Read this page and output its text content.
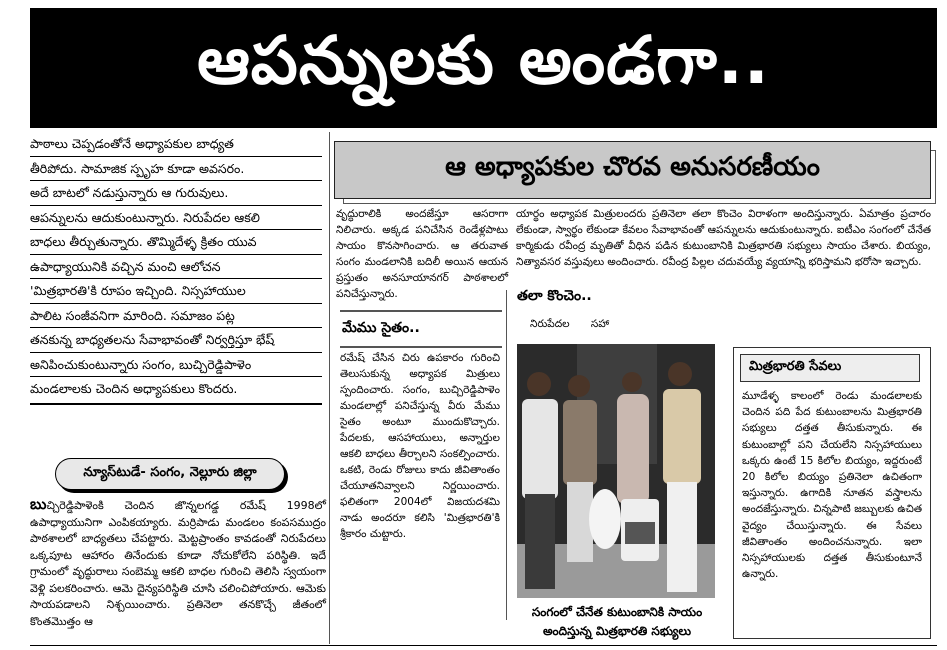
ఆపన్నులకు అండగా..
పాఠాలు చెప్పడంతోనే అధ్యాపకుల బాధ్యత
తీరిపోదు. సామాజిక స్పృహ కూడా అవసరం.
అదే బాటలో నడుస్తున్నారు ఆ గురువులు.
ఆపన్నులను ఆదుకుంటున్నారు. నిరుపేదల ఆకలి
బాధలు తీర్చుతున్నారు. తొమ్మిదేళ్ళ క్రితం యువ
ఉపాధ్యాయునికి వచ్చిన మంచి ఆలోచన
'మిత్రభారతి'కి రూపం ఇచ్చింది. నిస్సహాయుల
పాలిట సంజీవనిగా మారింది. సమాజం పట్ల
తనకున్న బాధ్యతలను సేవాభావంతో నిర్వర్తిస్తూ భేష్
అనిపించుకుంటున్నారు సంగం, బుచ్చిరెడ్డిపాళెం
మండలాలకు చెందిన అధ్యాపకులు కొందరు.
న్యూస్‌టుడే- సంగం, నెల్లూరు జిల్లా
బుచ్చిరెడ్డిపాళెంకి చెందిన జొన్నలగడ్డ రమేష్ 1998లో ఉపాధ్యాయునిగా ఎంపికయ్యారు. మర్రిపాడు మండలం కంపసముద్రం పాఠశాలలో బాధ్యతలు చేపట్టారు. మెట్టప్రాంతం కావడంతో నిరుపేదలు ఒక్కపూట ఆహారం తినేందుకు కూడా నోచుకోలేని పరిస్థితి. ఇదే గ్రామంలో వృద్ధురాలు సంబెమ్మ ఆకలి బాధల గురించి తెలిసి స్వయంగా వెళ్లి పలకరించారు. ఆమె దైన్యపరిస్థితి చూసి చలించిపోయారు. ఆమెకు సాయపడాలని నిశ్చయించారు. ప్రతినెలా తనకొచ్చే జీతంలో కొంతమొత్తం ఆ
ఆ అధ్యాపకుల చొరవ అనుసరణీయం

వృద్ధురాలికి అందజేస్తూ ఆసరాగా నిలిచారు. అక్కడ పనిచేసిన రెండేళ్లపాటు సాయం కొనసాగించారు. ఆ తరువాత సంగం మండలానికి బదిలీ అయిన ఆయన ప్రస్తుతం అనసూయానగర్ పాఠశాలలో పనిచేస్తున్నారు.

యార్థం అధ్యాపక మిత్రులందరు ప్రతినెలా తలా కొంచెం విరాళంగా అందిస్తున్నారు. ఏమాత్రం ప్రచారం లేకుండా, స్వార్థం లేకుండా కేవలం సేవాభావంతో ఆపన్నులను ఆదుకుంటున్నారు. ఐటీఎం సంగంలో చేనేత కార్మికుడు రవీంద్ర మృతితో వీధిన పడిన కుటుంబానికి మిత్రభారతి సభ్యులు సాయం చేశారు. బియ్యం, నిత్యావసర వస్తువులు అందించారు. రవీంద్ర పిల్లల చదువయ్యే వ్యయాన్ని భరిస్తామని భరోసా ఇచ్చారు.

మేము సైతం..

రమేష్ చేసిన చిరు ఉపకారం గురించి తెలుసుకున్న అధ్యాపక మిత్రులు స్పందించారు. సంగం, బుచ్చిరెడ్డిపాళెం మండలాల్లో పనిచేస్తున్న వీరు మేము సైతం అంటూ ముందుకొచ్చారు. పేదలకు, ఆసహాయులు, అన్నార్తుల ఆకలి బాధలు తీర్చాలని సంకల్పించారు. ఒకటి, రెండు రోజులు కాదు జీవితాంతం చేయూతనివ్వాలని నిర్ణయించారు. ఫలితంగా 2004లో విజయదశమి నాడు అందరూ కలిసి 'మిత్రభారతి'కి శ్రీకారం చుట్టారు.

తలా కొంచెం..

నిరుపేదల సహా

సంగంలో చేనేత కుటుంబానికి సాయం
అందిస్తున్న మిత్రభారతి సభ్యులు
మిత్రభారతి సేవలు

మూడేళ్ళ కాలంలో రెండు మండలాలకు చెందిన పది పేద కుటుంబాలను మిత్రభారతి సభ్యులు దత్తత తీసుకున్నారు. ఈ కుటుంబాల్లో పని చేయలేని నిస్సహాయులు ఒక్కరు ఉంటే 15 కిలోల బియ్యం, ఇద్దరుంటే 20 కిలోల బియ్యం ప్రతినెలా ఉచితంగా ఇస్తున్నారు. ఉగాదికి నూతన వస్త్రాలను అందజేస్తున్నారు. చిన్నపాటి జబ్బులకు ఉచిత వైద్యం చేయిస్తున్నారు. ఈ సేవలు జీవితాంతం అందించనున్నారు. ఇలా నిస్సహాయులకు దత్తత తీసుకుంటూనే ఉన్నారు.
